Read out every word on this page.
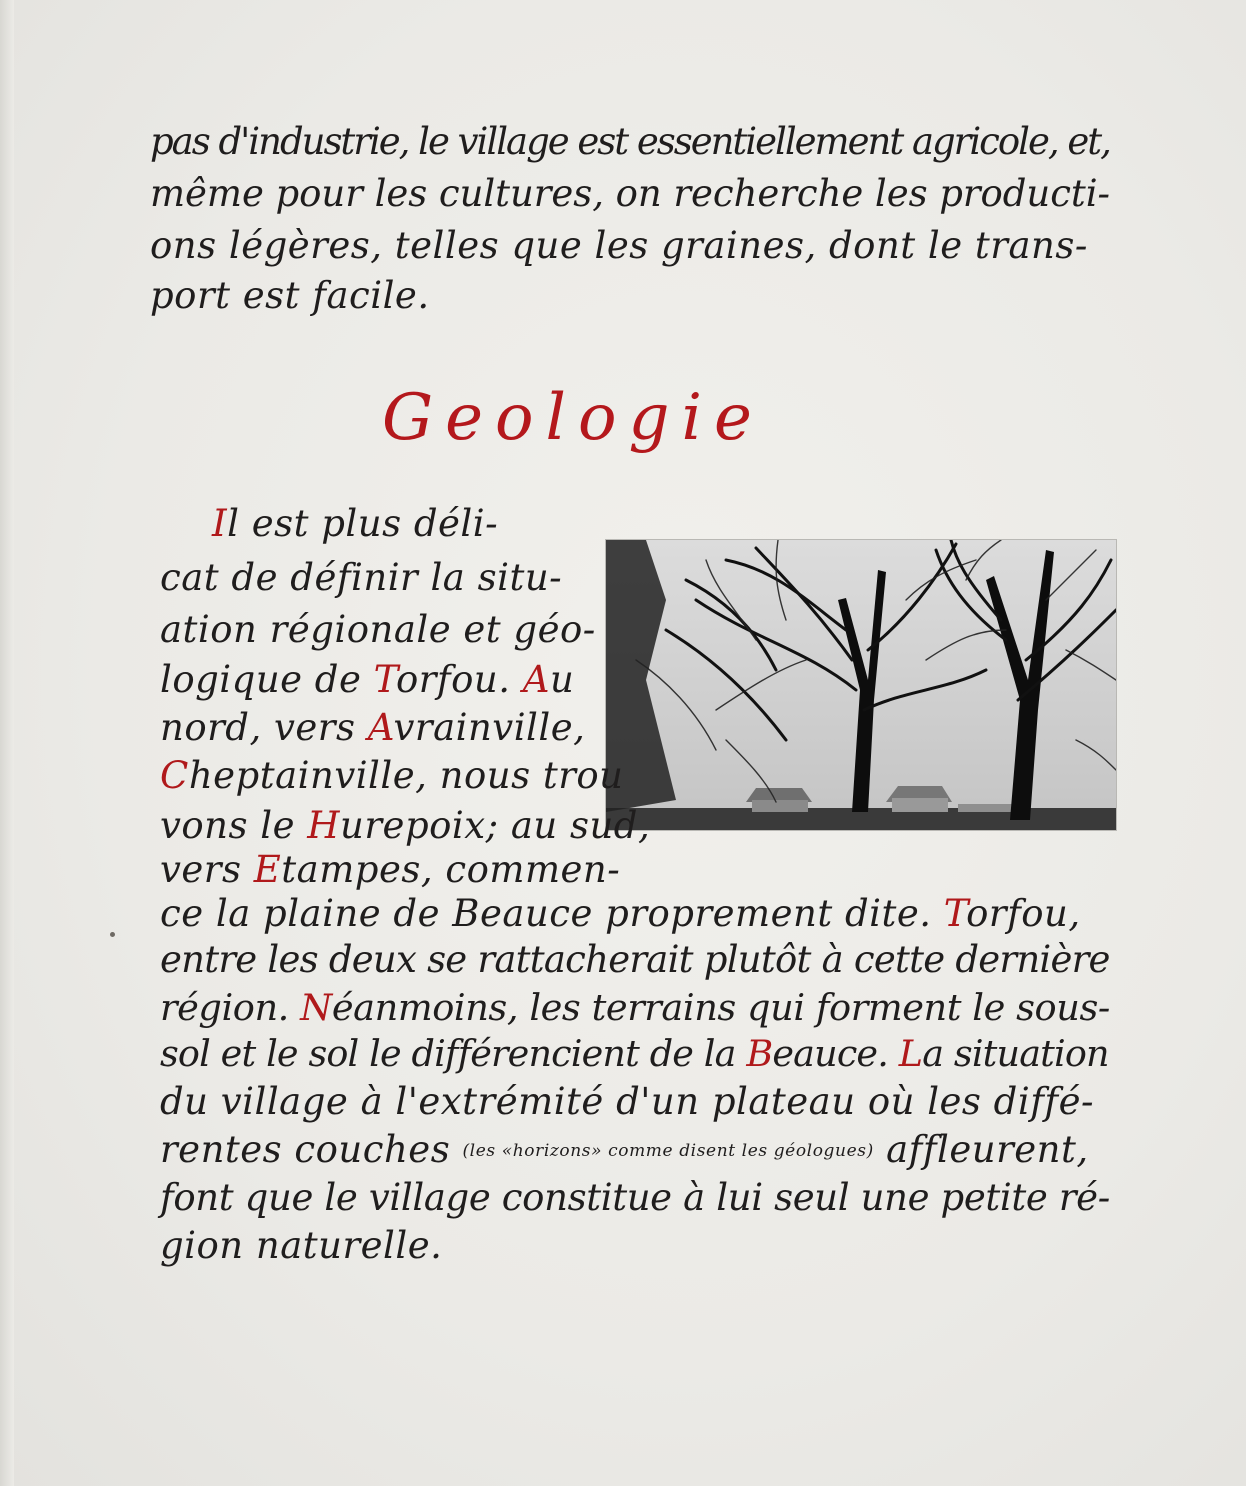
pas d'industrie, le village est essentiellement agricole, et,
même pour les cultures, on recherche les producti-
ons légères, telles que les graines, dont le trans-
port est facile.
Geologie
Il est plus déli-
cat de définir la situ-
ation régionale et géo-
logique de Torfou. Au
nord, vers Avrainville,
Cheptainville, nous trou
vons le Hurepoix; au sud,
vers Etampes, commen-
ce la plaine de Beauce proprement dite. Torfou,
entre les deux se rattacherait plutôt à cette dernière
région. Néanmoins, les terrains qui forment le sous-
sol et le sol le différencient de la Beauce. La situation
du village à l'extrémité d'un plateau où les diffé-
rentes couches (les «horizons» comme disent les géologues) affleurent,
font que le village constitue à lui seul une petite ré-
gion naturelle.
